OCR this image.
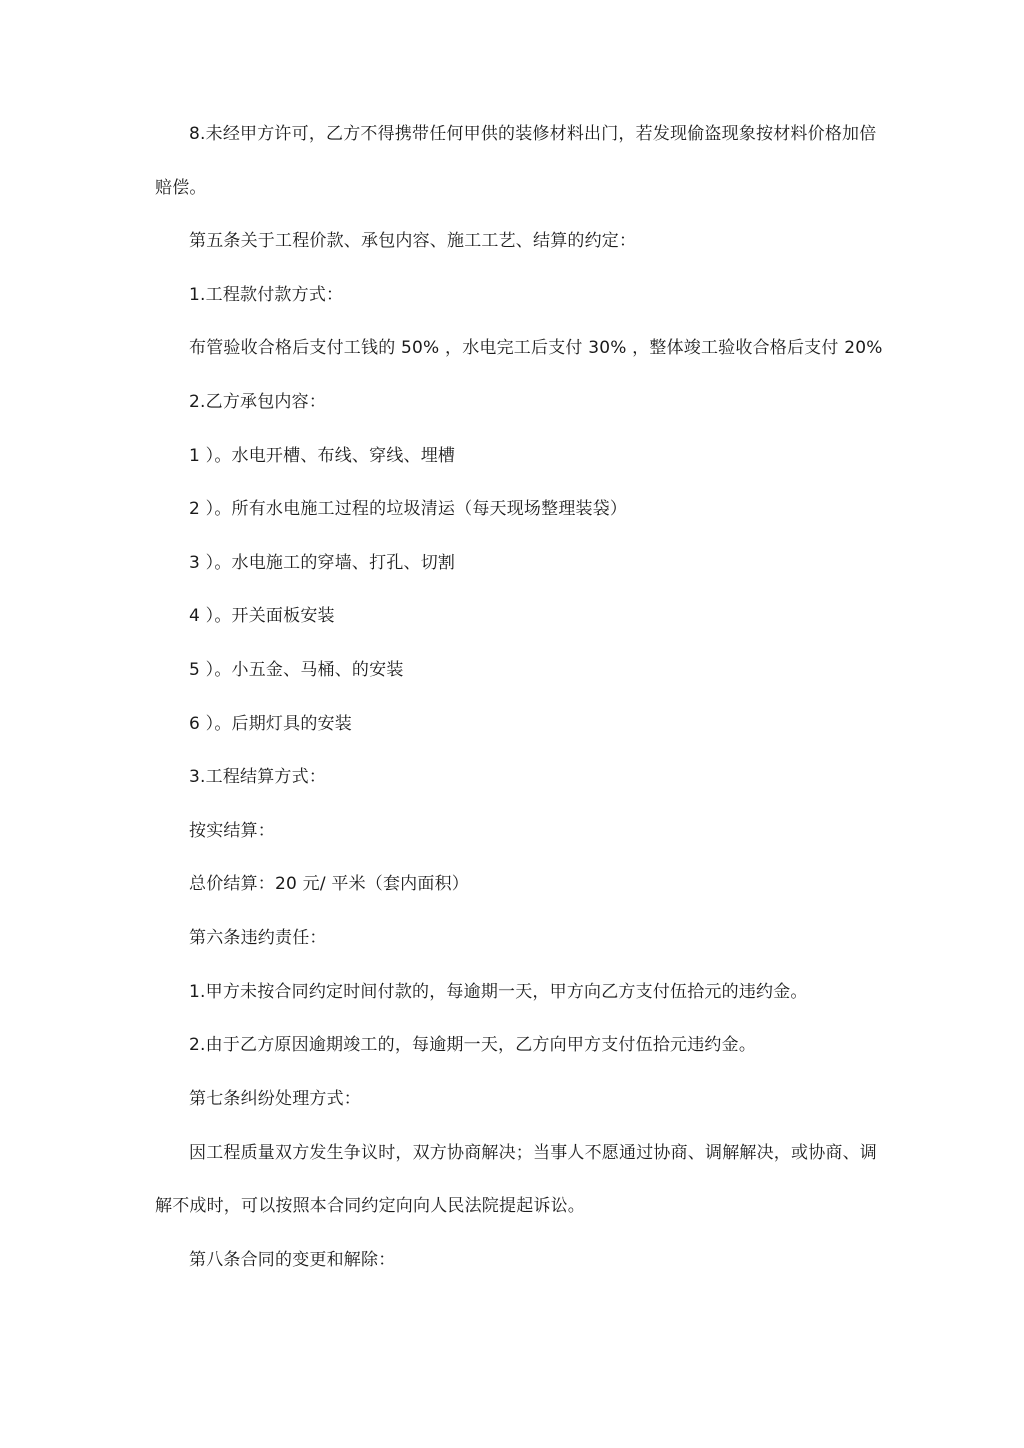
8.未经甲方许可，乙方不得携带任何甲供的装修材料出门，若发现偷盗现象按材料价格加倍
赔偿。
第五条关于工程价款、承包内容、施工工艺、结算的约定：
1.工程款付款方式：
布管验收合格后支付工钱的 50% ，水电完工后支付 30% ，整体竣工验收合格后支付 20%
2.乙方承包内容：
1 ）。水电开槽、布线、穿线、埋槽
2 ）。所有水电施工过程的垃圾清运（每天现场整理装袋）
3 ）。水电施工的穿墙、打孔、切割
4 ）。开关面板安装
5 ）。小五金、马桶、的安装
6 ）。后期灯具的安装
3.工程结算方式：
按实结算：
总价结算：20 元/ 平米（套内面积）
第六条违约责任：
1.甲方未按合同约定时间付款的，每逾期一天，甲方向乙方支付伍拾元的违约金。
2.由于乙方原因逾期竣工的，每逾期一天，乙方向甲方支付伍拾元违约金。
第七条纠纷处理方式：
因工程质量双方发生争议时，双方协商解决；当事人不愿通过协商、调解解决，或协商、调
解不成时，可以按照本合同约定向向人民法院提起诉讼。
第八条合同的变更和解除：
